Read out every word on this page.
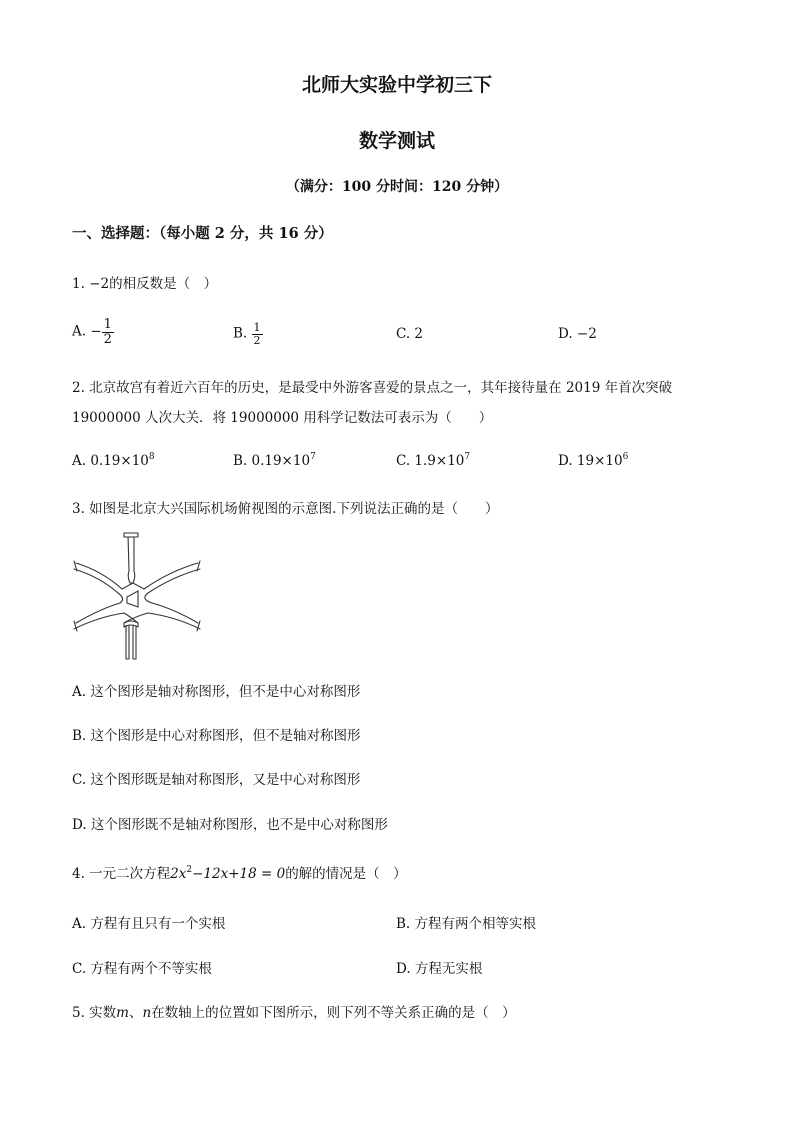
北师大实验中学初三下
数学测试
（满分：100 分时间：120 分钟）
一、选择题：（每小题 2 分，共 16 分）
1. −2的相反数是（　）
A. − $\frac{1}{2}$	B. $\frac{1}{2}$	C. 2	D. −2
2. 北京故宫有着近六百年的历史，是最受中外游客喜爱的景点之一，其年接待量在 2019 年首次突破
19000000 人次大关．将 19000000 用科学记数法可表示为（　　）
A. $0.19\times 10^8$	B. $0.19\times 10^7$	C. $1.9\times 10^7$	D. $19\times 10^6$
3. 如图是北京大兴国际机场俯视图的示意图.下列说法正确的是（　　）
A. 这个图形是轴对称图形，但不是中心对称图形
B. 这个图形是中心对称图形，但不是轴对称图形
C. 这个图形既是轴对称图形，又是中心对称图形
D. 这个图形既不是轴对称图形，也不是中心对称图形
4. 一元二次方程$2x^2-12x+18 = 0$的解的情况是（　）
A. 方程有且只有一个实根	B. 方程有两个相等实根
C. 方程有两个不等实根	D. 方程无实根
5. 实数m、n在数轴上的位置如下图所示，则下列不等关系正确的是（　）
